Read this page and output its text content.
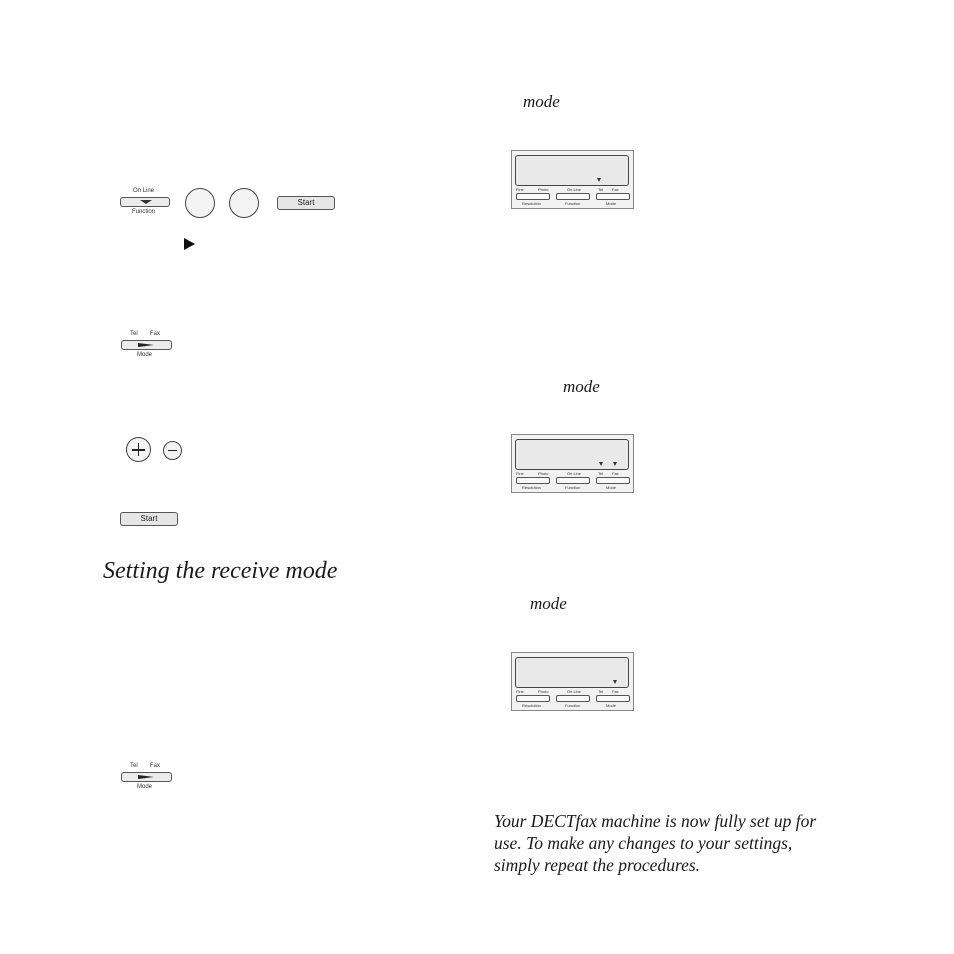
On Line
Function
Start
Tel Fax
Mode
Start
Setting the receive mode
Tel Fax
Mode
mode
Fine	Photo	On Line	Tel Fax
Resolution	Function	Mode
mode
Fine	Photo	On Line	Tel Fax
Resolution	Function	Mode
mode
Fine	Photo	On Line	Tel Fax
Resolution	Function	Mode
Your DECTfax machine is now fully set up for use. To make any changes to your settings, simply repeat the procedures.
